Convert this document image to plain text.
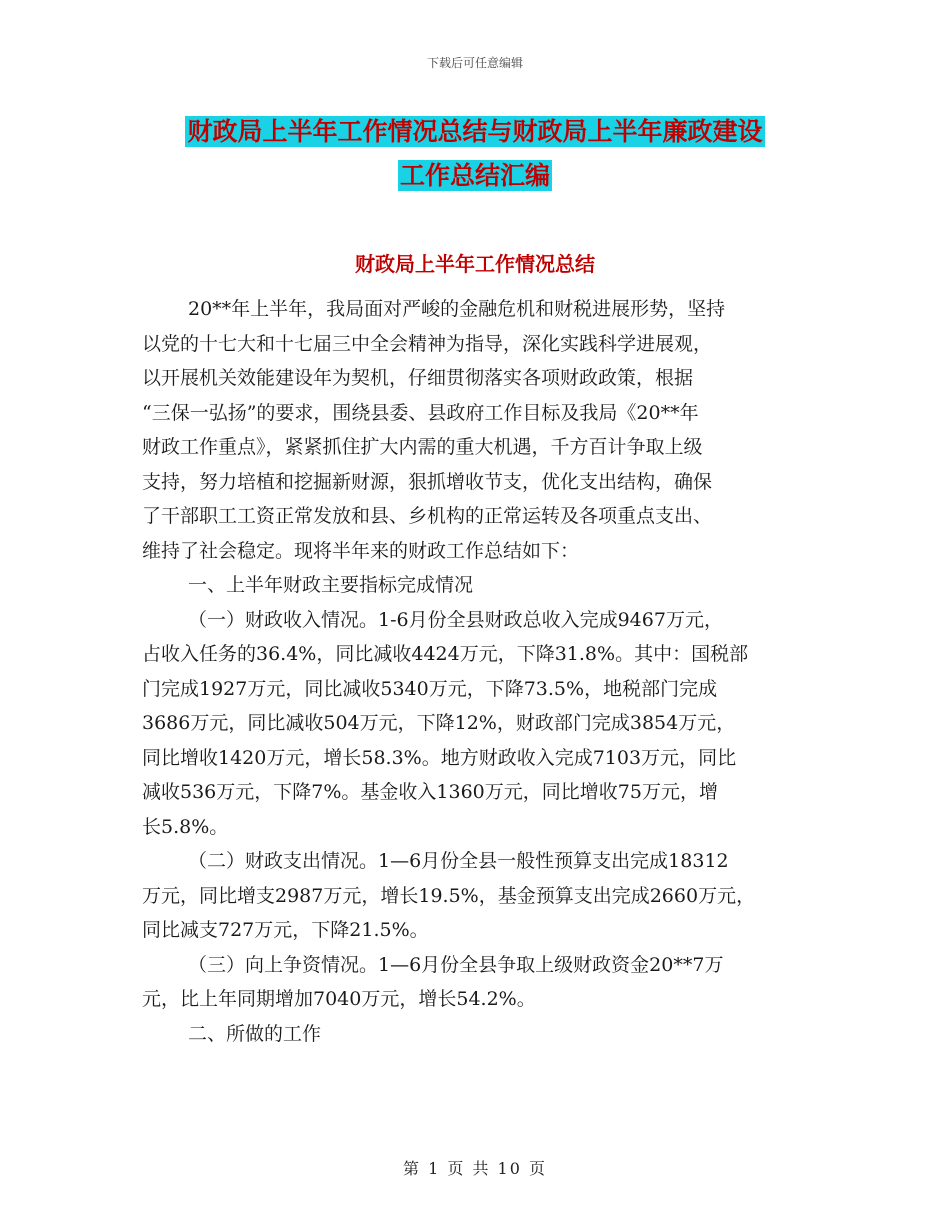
下载后可任意编辑
财政局上半年工作情况总结与财政局上半年廉政建设
工作总结汇编
财政局上半年工作情况总结
20**年上半年，我局面对严峻的金融危机和财税进展形势，坚持
以党的十七大和十七届三中全会精神为指导，深化实践科学进展观，
以开展机关效能建设年为契机，仔细贯彻落实各项财政政策，根据
“三保一弘扬”的要求，围绕县委、县政府工作目标及我局《20**年
财政工作重点》，紧紧抓住扩大内需的重大机遇，千方百计争取上级
支持，努力培植和挖掘新财源，狠抓增收节支，优化支出结构，确保
了干部职工工资正常发放和县、乡机构的正常运转及各项重点支出、
维持了社会稳定。现将半年来的财政工作总结如下：
一、上半年财政主要指标完成情况
（一）财政收入情况。1-6月份全县财政总收入完成9467万元，
占收入任务的36.4%，同比减收4424万元，下降31.8%。其中：国税部
门完成1927万元，同比减收5340万元，下降73.5%，地税部门完成
3686万元，同比减收504万元，下降12%，财政部门完成3854万元，
同比增收1420万元，增长58.3%。地方财政收入完成7103万元，同比
减收536万元，下降7%。基金收入1360万元，同比增收75万元，增
长5.8%。
（二）财政支出情况。1—6月份全县一般性预算支出完成18312
万元，同比增支2987万元，增长19.5%，基金预算支出完成2660万元，
同比减支727万元，下降21.5%。
（三）向上争资情况。1—6月份全县争取上级财政资金20**7万
元，比上年同期增加7040万元，增长54.2%。
二、所做的工作
第 1 页 共 10 页
